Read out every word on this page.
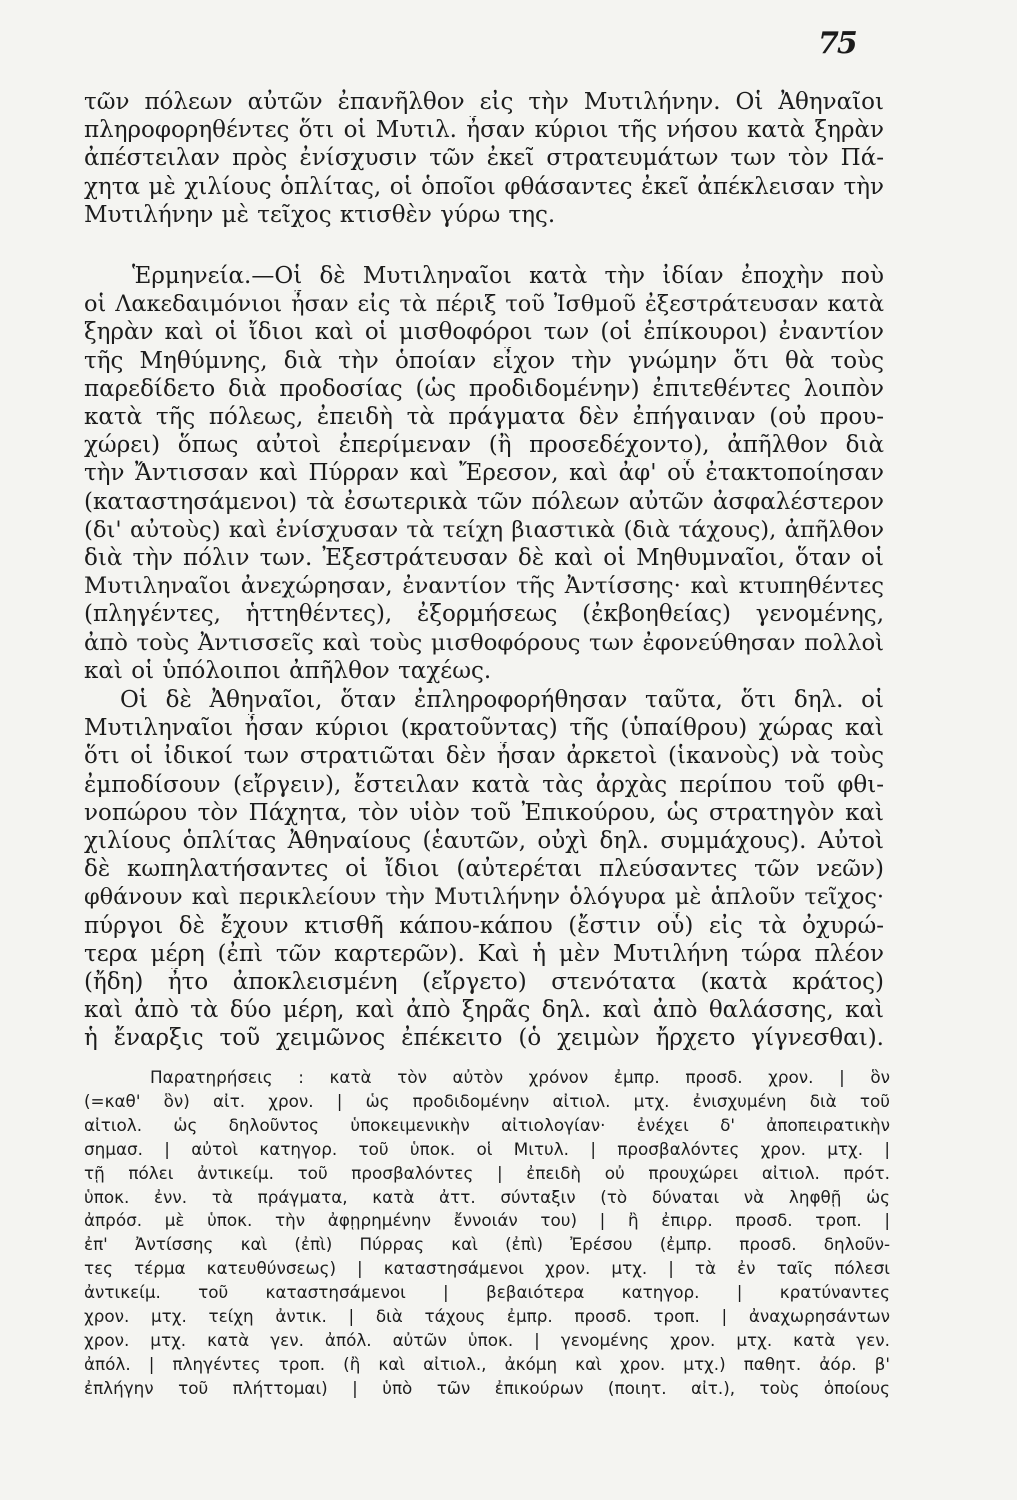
75
τῶν πόλεων αὐτῶν ἐπανῆλθον εἰς τὴν Μυτιλήνην. Οἱ Ἀθηναῖοι
πληροφορηθέντες ὅτι οἱ Μυτιλ. ἦσαν κύριοι τῆς νήσου κατὰ ξηρὰν
ἀπέστειλαν πρὸς ἐνίσχυσιν τῶν ἐκεῖ στρατευμάτων των τὸν Πά-
χητα μὲ χιλίους ὁπλίτας, οἱ ὁποῖοι φθάσαντες ἐκεῖ ἀπέκλεισαν τὴν
Μυτιλήνην μὲ τεῖχος κτισθὲν γύρω της.
Ἑρμηνεία.—Οἱ δὲ Μυτιληναῖοι κατὰ τὴν ἰδίαν ἐποχὴν ποὺ
οἱ Λακεδαιμόνιοι ἦσαν εἰς τὰ πέριξ τοῦ Ἰσθμοῦ ἐξεστράτευσαν κατὰ
ξηρὰν καὶ οἱ ἴδιοι καὶ οἱ μισθοφόροι των (οἱ ἐπίκουροι) ἐναντίον
τῆς Μηθύμνης, διὰ τὴν ὁποίαν εἶχον τὴν γνώμην ὅτι θὰ τοὺς
παρεδίδετο διὰ προδοσίας (ὡς προδιδομένην) ἐπιτεθέντες λοιπὸν
κατὰ τῆς πόλεως, ἐπειδὴ τὰ πράγματα δὲν ἐπήγαιναν (οὐ πρου-
χώρει) ὅπως αὐτοὶ ἐπερίμεναν (ἢ προσεδέχοντο), ἀπῆλθον διὰ
τὴν Ἄντισσαν καὶ Πύρραν καὶ Ἔρεσον, καὶ ἀφ' οὗ ἐτακτοποίησαν
(καταστησάμενοι) τὰ ἐσωτερικὰ τῶν πόλεων αὐτῶν ἀσφαλέστερον
(δι' αὐτοὺς) καὶ ἐνίσχυσαν τὰ τείχη βιαστικὰ (διὰ τάχους), ἀπῆλθον
διὰ τὴν πόλιν των. Ἐξεστράτευσαν δὲ καὶ οἱ Μηθυμναῖοι, ὅταν οἱ
Μυτιληναῖοι ἀνεχώρησαν, ἐναντίον τῆς Ἀντίσσης· καὶ κτυπηθέντες
(πληγέντες, ἡττηθέντες), ἐξορμήσεως (ἐκβοηθείας) γενομένης,
ἀπὸ τοὺς Ἀντισσεῖς καὶ τοὺς μισθοφόρους των ἐφονεύθησαν πολλοὶ
καὶ οἱ ὑπόλοιποι ἀπῆλθον ταχέως.
Οἱ δὲ Ἀθηναῖοι, ὅταν ἐπληροφορήθησαν ταῦτα, ὅτι δηλ. οἱ
Μυτιληναῖοι ἦσαν κύριοι (κρατοῦντας) τῆς (ὑπαίθρου) χώρας καὶ
ὅτι οἱ ἰδικοί των στρατιῶται δὲν ἦσαν ἀρκετοὶ (ἱκανοὺς) νὰ τοὺς
ἐμποδίσουν (εἴργειν), ἔστειλαν κατὰ τὰς ἀρχὰς περίπου τοῦ φθι-
νοπώρου τὸν Πάχητα, τὸν υἱὸν τοῦ Ἐπικούρου, ὡς στρατηγὸν καὶ
χιλίους ὁπλίτας Ἀθηναίους (ἑαυτῶν, οὐχὶ δηλ. συμμάχους). Αὐτοὶ
δὲ κωπηλατήσαντες οἱ ἴδιοι (αὐτερέται πλεύσαντες τῶν νεῶν)
φθάνουν καὶ περικλείουν τὴν Μυτιλήνην ὁλόγυρα μὲ ἁπλοῦν τεῖχος·
πύργοι δὲ ἔχουν κτισθῆ κάπου-κάπου (ἔστιν οὗ) εἰς τὰ ὀχυρώ-
τερα μέρη (ἐπὶ τῶν καρτερῶν). Καὶ ἡ μὲν Μυτιλήνη τώρα πλέον
(ἤδη) ἦτο ἀποκλεισμένη (εἴργετο) στενότατα (κατὰ κράτος)
καὶ ἀπὸ τὰ δύο μέρη, καὶ ἀπὸ ξηρᾶς δηλ. καὶ ἀπὸ θαλάσσης, καὶ
ἡ ἔναρξις τοῦ χειμῶνος ἐπέκειτο (ὁ χειμὼν ἤρχετο γίγνεσθαι).
Παρατηρήσεις : κατὰ τὸν αὐτὸν χρόνον ἐμπρ. προσδ. χρον. | ὃν
(=καθ' ὃν) αἰτ. χρον. | ὡς προδιδομένην αἰτιολ. μτχ. ἐνισχυμένη διὰ τοῦ
αἰτιολ. ὡς δηλοῦντος ὑποκειμενικὴν αἰτιολογίαν· ἐνέχει δ' ἀποπειρατικὴν
σημασ. | αὐτοὶ κατηγορ. τοῦ ὑποκ. οἱ Μιτυλ. | προσβαλόντες χρον. μτχ. |
τῇ πόλει ἀντικείμ. τοῦ προσβαλόντες | ἐπειδὴ οὐ προυχώρει αἰτιολ. πρότ.
ὑποκ. ἐνν. τὰ πράγματα, κατὰ ἀττ. σύνταξιν (τὸ δύναται νὰ ληφθῇ ὡς
ἀπρόσ. μὲ ὑποκ. τὴν ἀφῃρημένην ἔννοιάν του) | ἢ ἐπιρρ. προσδ. τροπ. |
ἐπ' Ἀντίσσης καὶ (ἐπὶ) Πύρρας καὶ (ἐπὶ) Ἐρέσου (ἐμπρ. προσδ. δηλοῦν-
τες τέρμα κατευθύνσεως) | καταστησάμενοι χρον. μτχ. | τὰ ἐν ταῖς πόλεσι
ἀντικείμ. τοῦ καταστησάμενοι | βεβαιότερα κατηγορ. | κρατύναντες
χρον. μτχ. τείχη ἀντικ. | διὰ τάχους ἐμπρ. προσδ. τροπ. | ἀναχωρησάντων
χρον. μτχ. κατὰ γεν. ἀπόλ. αὐτῶν ὑποκ. | γενομένης χρον. μτχ. κατὰ γεν.
ἀπόλ. | πληγέντες τροπ. (ἢ καὶ αἰτιολ., ἀκόμη καὶ χρον. μτχ.) παθητ. ἀόρ. β'
ἐπλήγην τοῦ πλήττομαι) | ὑπὸ τῶν ἐπικούρων (ποιητ. αἰτ.), τοὺς ὁποίους
